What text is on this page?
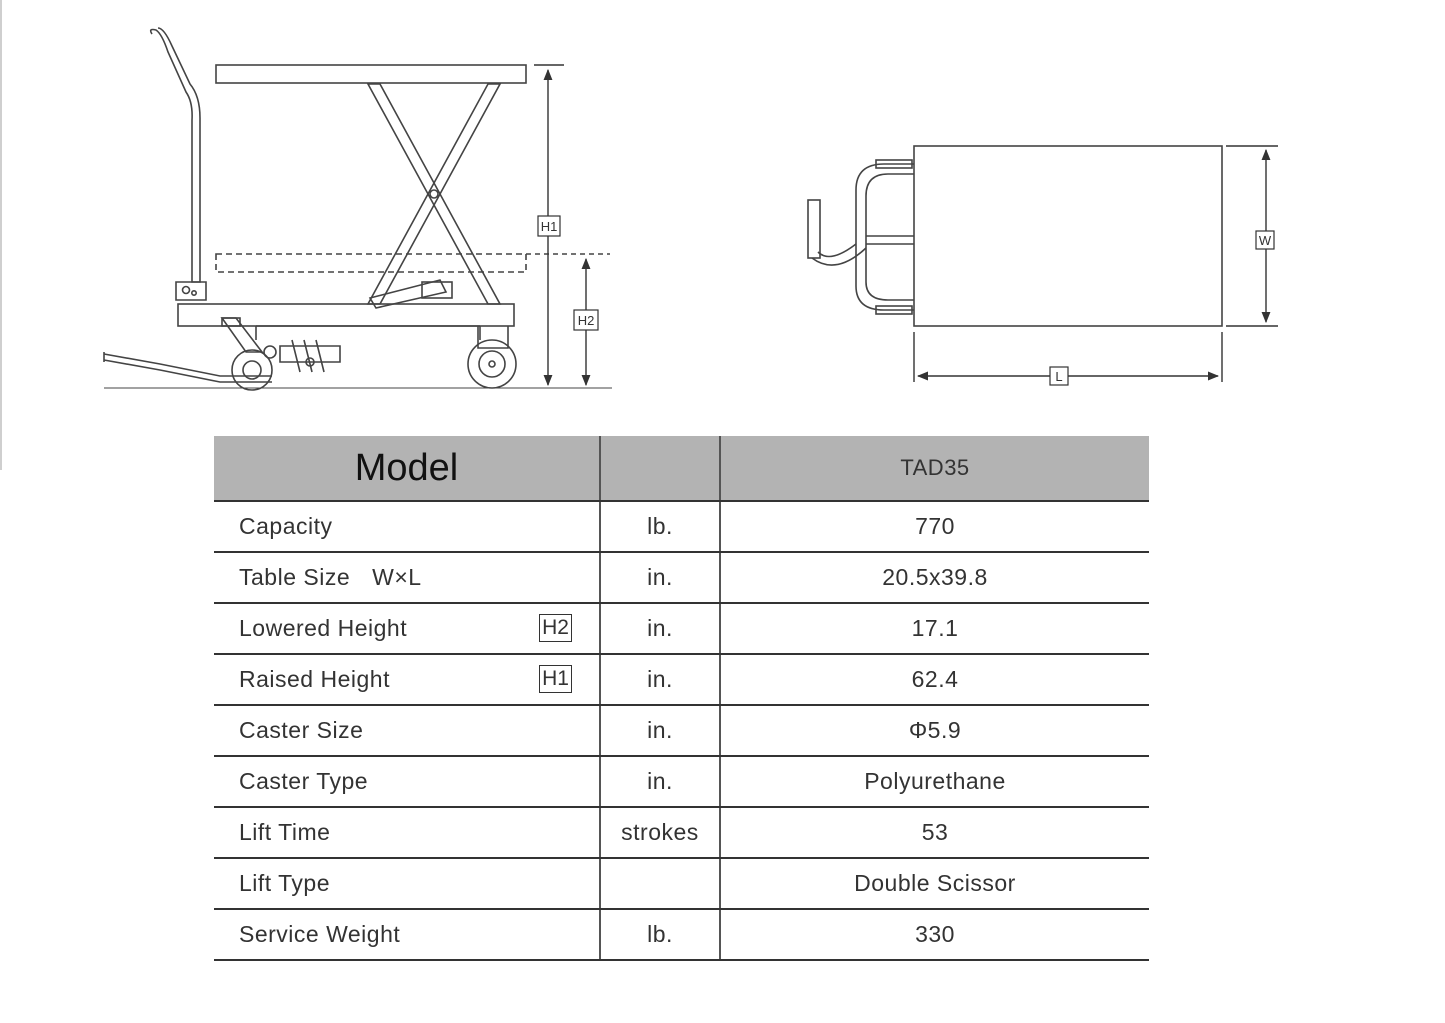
H1
H2
W
L
Model		TAD35
Capacity	lb.	770
Table Size W×L	in.	20.5x39.8
Lowered Height H2	in.	17.1
Raised Height H1	in.	62.4
Caster Size	in.	Φ5.9
Caster Type	in.	Polyurethane
Lift Time	strokes	53
Lift Type		Double Scissor
Service Weight	lb.	330
